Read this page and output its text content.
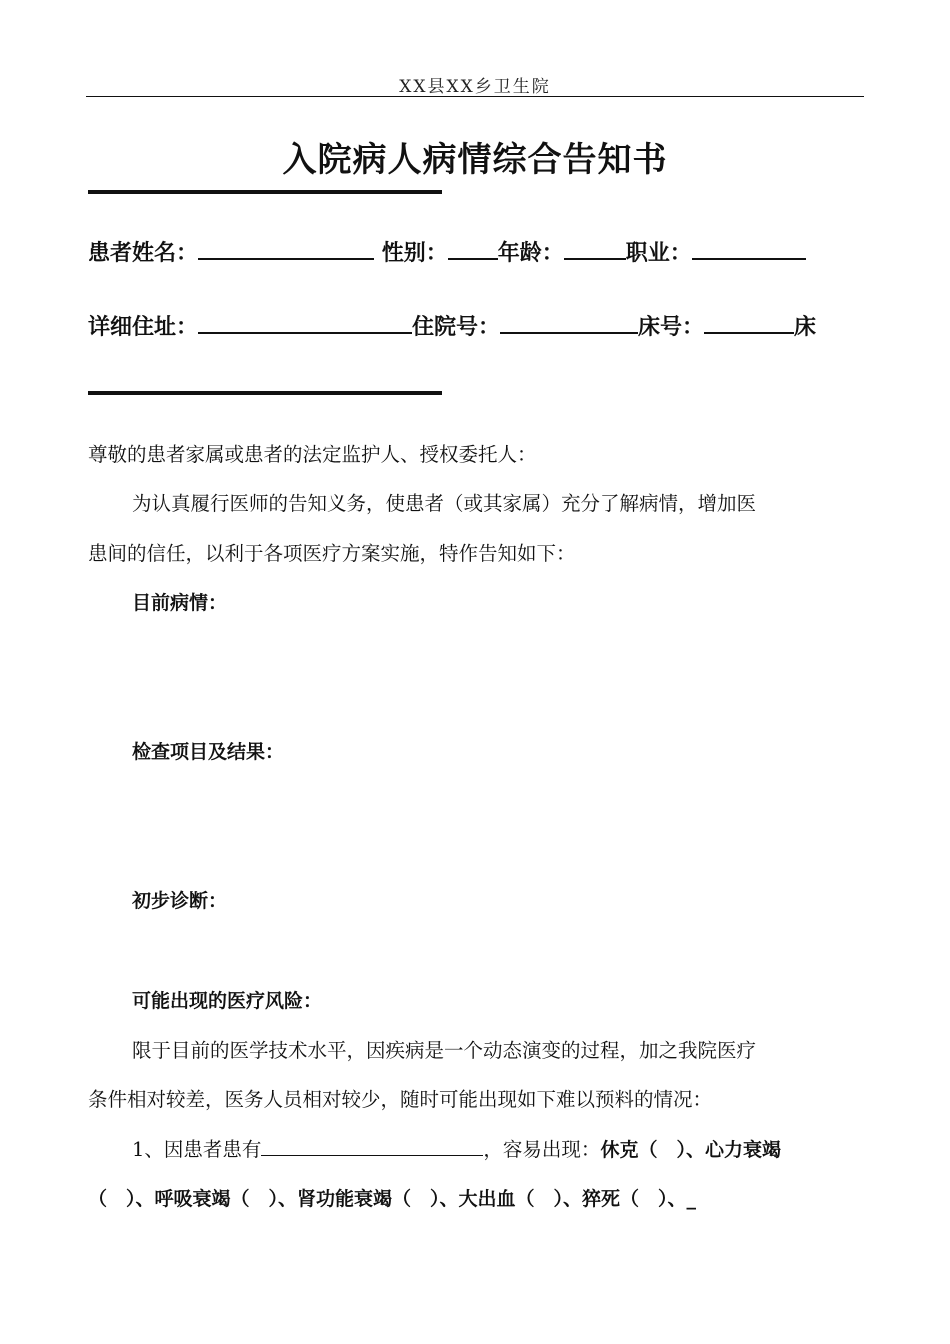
XX县XX乡卫生院
入院病人病情综合告知书
患者姓名：	性别： 年龄：	职业：
详细住址：	住院号：	床号：	床
尊敬的患者家属或患者的法定监护人、授权委托人：
为认真履行医师的告知义务，使患者（或其家属）充分了解病情，增加医
患间的信任，以利于各项医疗方案实施，特作告知如下：
目前病情：
检查项目及结果：
初步诊断：
可能出现的医疗风险：
限于目前的医学技术水平，因疾病是一个动态演变的过程，加之我院医疗
条件相对较差，医务人员相对较少，随时可能出现如下难以预料的情况：
1、因患者患有	，容易出现：休克（　）、心力衰竭
（　）、呼吸衰竭（　）、肾功能衰竭（　）、大出血（　）、猝死（　）、_
